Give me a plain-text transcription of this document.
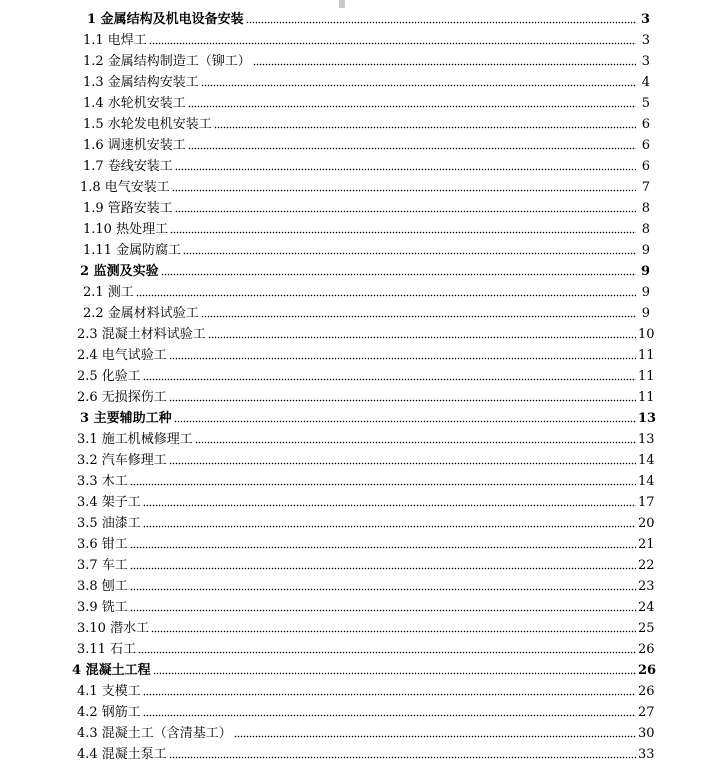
1 金属结构及机电设备安装	3
1.1 电焊工	3
1.2 金属结构制造工（铆工）	3
1.3 金属结构安装工	4
1.4 水轮机安装工	5
1.5 水轮发电机安装工	6
1.6 调速机安装工	6
1.7 卷线安装工	6
1.8 电气安装工	7
1.9 管路安装工	8
1.10 热处理工	8
1.11 金属防腐工	9
2 监测及实验	9
2.1 测工	9
2.2 金属材料试验工	9
2.3 混凝土材料试验工	10
2.4 电气试验工	11
2.5 化验工	11
2.6 无损探伤工	11
3 主要辅助工种	13
3.1 施工机械修理工	13
3.2 汽车修理工	14
3.3 木工	14
3.4 架子工	17
3.5 油漆工	20
3.6 钳工	21
3.7 车工	22
3.8 刨工	23
3.9 铣工	24
3.10 潜水工	25
3.11 石工	26
4 混凝土工程	26
4.1 支模工	26
4.2 钢筋工	27
4.3 混凝土工（含清基工）	30
4.4 混凝土泵工	33
